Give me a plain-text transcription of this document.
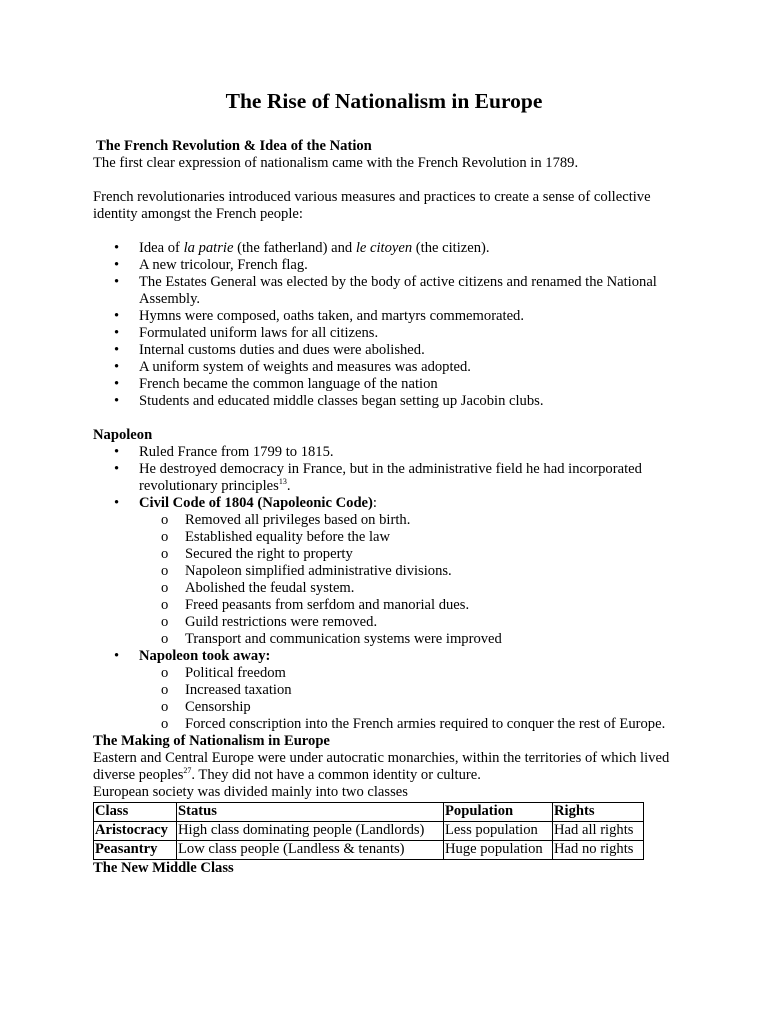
The Rise of Nationalism in Europe

The French Revolution & Idea of the Nation

The first clear expression of nationalism came with the French Revolution in 1789.

French revolutionaries introduced various measures and practices to create a sense of collective identity amongst the French people:

• Idea of la patrie (the fatherland) and le citoyen (the citizen).
• A new tricolour, French flag.
• The Estates General was elected by the body of active citizens and renamed the National Assembly.
• Hymns were composed, oaths taken, and martyrs commemorated.
• Formulated uniform laws for all citizens.
• Internal customs duties and dues were abolished.
• A uniform system of weights and measures was adopted.
• French became the common language of the nation
• Students and educated middle classes began setting up Jacobin clubs.

Napoleon

• Ruled France from 1799 to 1815.
• He destroyed democracy in France, but in the administrative field he had incorporated revolutionary principles$^{13}$.
• Civil Code of 1804 (Napoleonic Code):
o Removed all privileges based on birth.
o Established equality before the law
o Secured the right to property
o Napoleon simplified administrative divisions.
o Abolished the feudal system.
o Freed peasants from serfdom and manorial dues.
o Guild restrictions were removed.
o Transport and communication systems were improved
• Napoleon took away:
o Political freedom
o Increased taxation
o Censorship
o Forced conscription into the French armies required to conquer the rest of Europe.

The Making of Nationalism in Europe

Eastern and Central Europe were under autocratic monarchies, within the territories of which lived diverse peoples$^{27}$. They did not have a common identity or culture.

European society was divided mainly into two classes

Class	Status	Population	Rights
Aristocracy	High class dominating people (Landlords)	Less population	Had all rights
Peasantry	Low class people (Landless & tenants)	Huge population	Had no rights

The New Middle Class
